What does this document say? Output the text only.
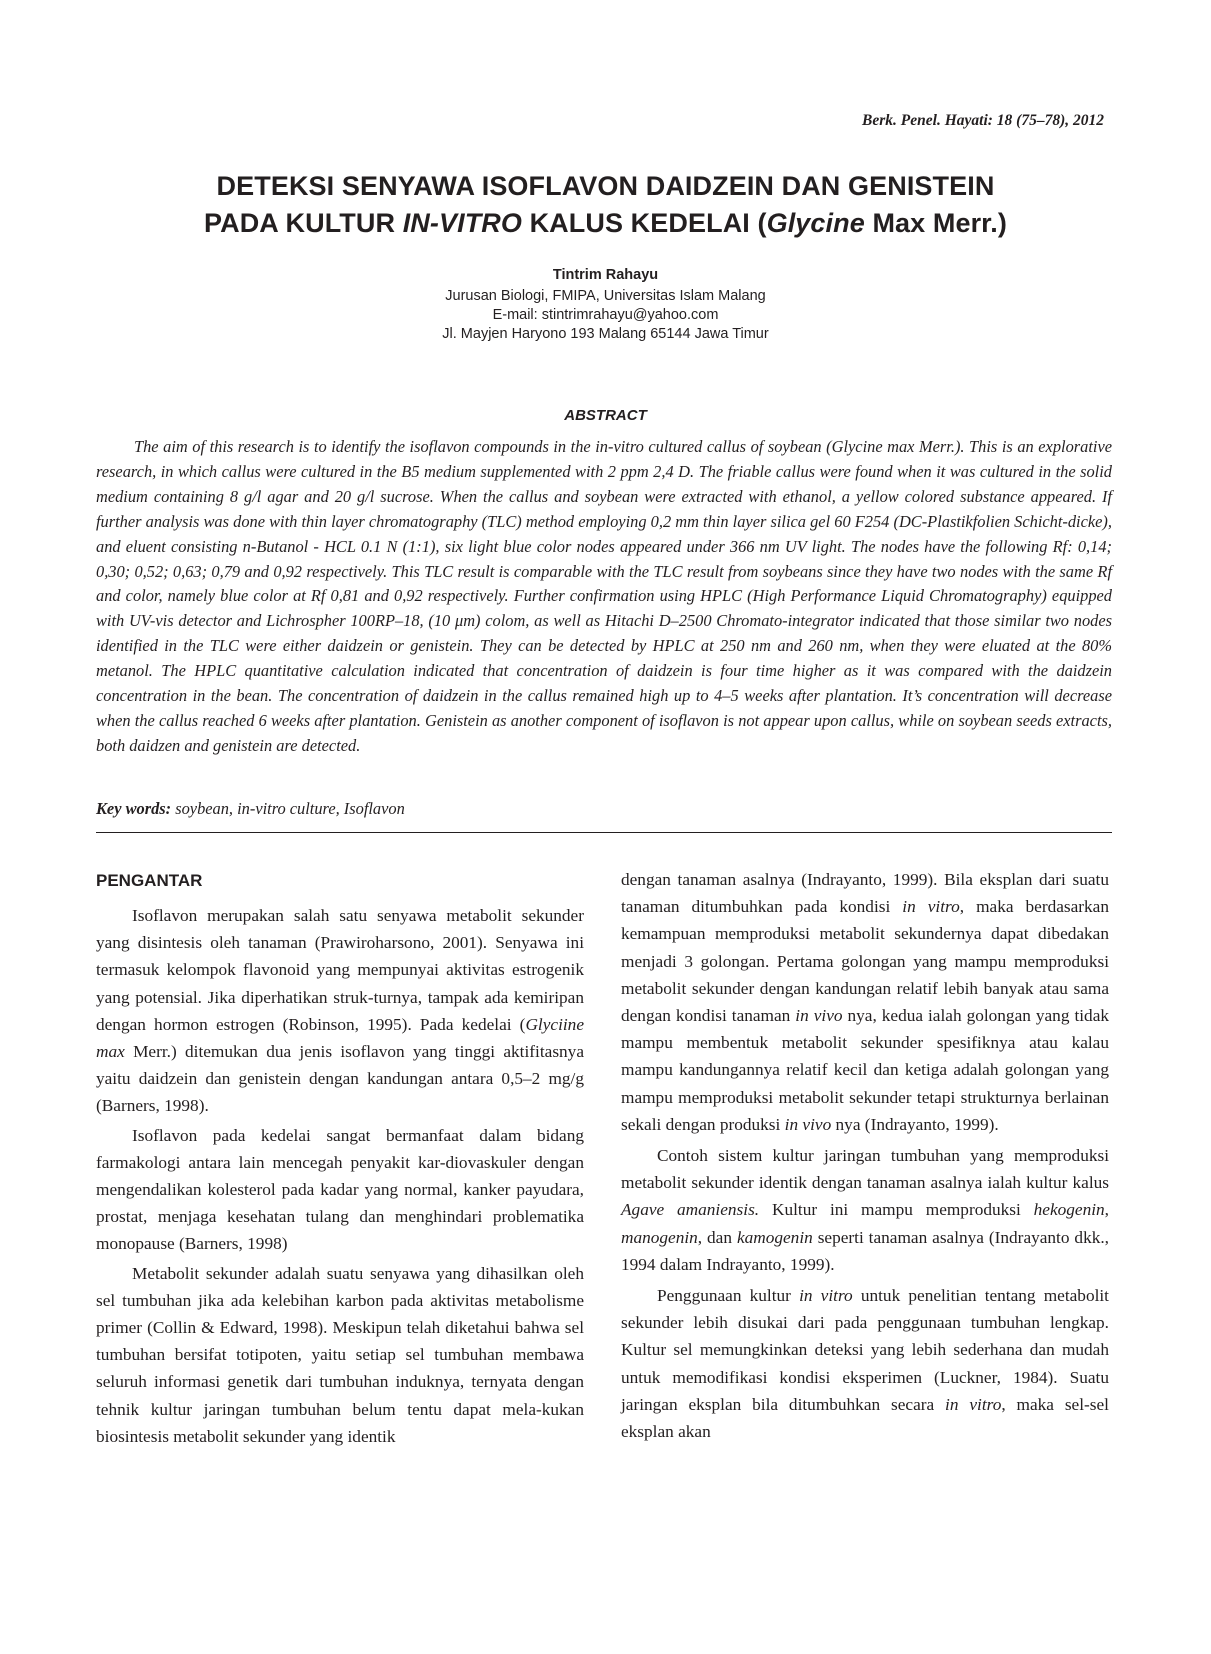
Berk. Penel. Hayati: 18 (75–78), 2012
DETEKSI SENYAWA ISOFLAVON DAIDZEIN DAN GENISTEIN
PADA KULTUR IN-VITRO KALUS KEDELAI (Glycine Max Merr.)
Tintrim Rahayu
Jurusan Biologi, FMIPA, Universitas Islam Malang
E-mail: stintrimrahayu@yahoo.com
Jl. Mayjen Haryono 193 Malang 65144 Jawa Timur
ABSTRACT
The aim of this research is to identify the isoflavon compounds in the in-vitro cultured callus of soybean (Glycine max Merr.). This is an explorative research, in which callus were cultured in the B5 medium supplemented with 2 ppm 2,4 D. The friable callus were found when it was cultured in the solid medium containing 8 g/l agar and 20 g/l sucrose. When the callus and soybean were extracted with ethanol, a yellow colored substance appeared. If further analysis was done with thin layer chromatography (TLC) method employing 0,2 mm thin layer silica gel 60 F254 (DC-Plastikfolien Schicht-dicke), and eluent consisting n-Butanol - HCL 0.1 N (1:1), six light blue color nodes appeared under 366 nm UV light. The nodes have the following Rf: 0,14; 0,30; 0,52; 0,63; 0,79 and 0,92 respectively. This TLC result is comparable with the TLC result from soybeans since they have two nodes with the same Rf and color, namely blue color at Rf 0,81 and 0,92 respectively. Further confirmation using HPLC (High Performance Liquid Chromatography) equipped with UV-vis detector and Lichrospher 100RP–18, (10 μm) colom, as well as Hitachi D–2500 Chromato-integrator indicated that those similar two nodes identified in the TLC were either daidzein or genistein. They can be detected by HPLC at 250 nm and 260 nm, when they were eluated at the 80% metanol. The HPLC quantitative calculation indicated that concentration of daidzein is four time higher as it was compared with the daidzein concentration in the bean. The concentration of daidzein in the callus remained high up to 4–5 weeks after plantation. It’s concentration will decrease when the callus reached 6 weeks after plantation. Genistein as another component of isoflavon is not appear upon callus, while on soybean seeds extracts, both daidzen and genistein are detected.
Key words: soybean, in-vitro culture, Isoflavon
PENGANTAR

Isoflavon merupakan salah satu senyawa metabolit sekunder yang disintesis oleh tanaman (Prawiroharsono, 2001). Senyawa ini termasuk kelompok flavonoid yang mempunyai aktivitas estrogenik yang potensial. Jika diperhatikan struk-turnya, tampak ada kemiripan dengan hormon estrogen (Robinson, 1995). Pada kedelai (Glyciine max Merr.) ditemukan dua jenis isoflavon yang tinggi aktifitasnya yaitu daidzein dan genistein dengan kandungan antara 0,5–2 mg/g (Barners, 1998).

Isoflavon pada kedelai sangat bermanfaat dalam bidang farmakologi antara lain mencegah penyakit kar-diovaskuler dengan mengendalikan kolesterol pada kadar yang normal, kanker payudara, prostat, menjaga kesehatan tulang dan menghindari problematika monopause (Barners, 1998)

Metabolit sekunder adalah suatu senyawa yang dihasilkan oleh sel tumbuhan jika ada kelebihan karbon pada aktivitas metabolisme primer (Collin & Edward, 1998). Meskipun telah diketahui bahwa sel tumbuhan bersifat totipoten, yaitu setiap sel tumbuhan membawa seluruh informasi genetik dari tumbuhan induknya, ternyata dengan tehnik kultur jaringan tumbuhan belum tentu dapat mela-kukan biosintesis metabolit sekunder yang identik

dengan tanaman asalnya (Indrayanto, 1999). Bila eksplan dari suatu tanaman ditumbuhkan pada kondisi in vitro, maka berdasarkan kemampuan memproduksi metabolit sekundernya dapat dibedakan menjadi 3 golongan. Pertama golongan yang mampu memproduksi metabolit sekunder dengan kandungan relatif lebih banyak atau sama dengan kondisi tanaman in vivo nya, kedua ialah golongan yang tidak mampu membentuk metabolit sekunder spesifiknya atau kalau mampu kandungannya relatif kecil dan ketiga adalah golongan yang mampu memproduksi metabolit sekunder tetapi strukturnya berlainan sekali dengan produksi in vivo nya (Indrayanto, 1999).

Contoh sistem kultur jaringan tumbuhan yang memproduksi metabolit sekunder identik dengan tanaman asalnya ialah kultur kalus Agave amaniensis. Kultur ini mampu memproduksi hekogenin, manogenin, dan kamogenin seperti tanaman asalnya (Indrayanto dkk., 1994 dalam Indrayanto, 1999).

Penggunaan kultur in vitro untuk penelitian tentang metabolit sekunder lebih disukai dari pada penggunaan tumbuhan lengkap. Kultur sel memungkinkan deteksi yang lebih sederhana dan mudah untuk memodifikasi kondisi eksperimen (Luckner, 1984). Suatu jaringan eksplan bila ditumbuhkan secara in vitro, maka sel-sel eksplan akan
